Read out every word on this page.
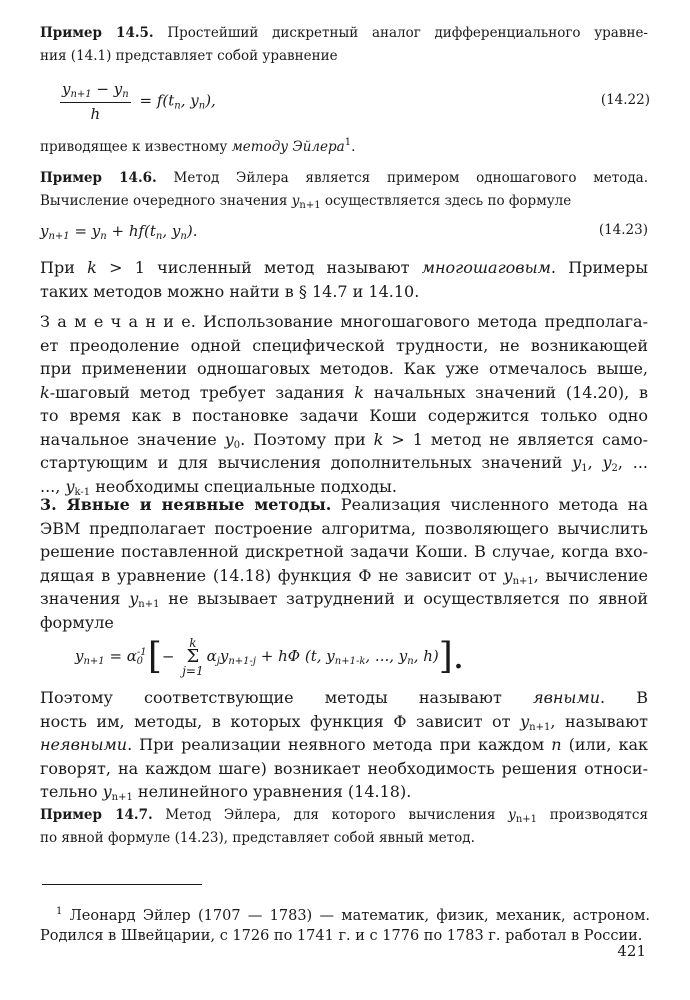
Пример 14.5. Простейший дискретный аналог дифференциального уравне-
ния (14.1) представляет собой уравнение
$\frac{y_{n+1} - y_n}{h} = f(t_n$, $y_n$),	(14.22)
приводящее к известному методу Эйлера$^1$.
Пример 14.6. Метод Эйлера является примером одношагового метода.
Вычисление очередного значения $y_{n+1}$ осуществляется здесь по формуле
$y_{n+1} = y_n + hf(t_n$, $y_n$).	(14.23)
При k > 1 численный метод называют многошаговым. Примеры
таких методов можно найти в § 14.7 и 14.10.
З а м е ч а н и е. Использование многошагового метода предполага-
ет преодоление одной специфической трудности, не возникающей
при применении одношаговых методов. Как уже отмечалось выше,
k-шаговый метод требует задания k начальных значений (14.20), в
то время как в постановке задачи Коши содержится только одно
начальное значение $y_0$. Поэтому при k > 1 метод не является само-
стартующим и для вычисления дополнительных значений $y_1$, $y_2$, ...
..., $y_{k-1}$ необходимы специальные подходы.
3. Явные и неявные методы. Реализация численного метода на
ЭВМ предполагает построение алгоритма, позволяющего вычислить
решение поставленной дискретной задачи Коши. В случае, когда вхо-
дящая в уравнение (14.18) функция Φ не зависит от $y_{n+1}$, вычисление
значения $y_{n+1}$ не вызывает затруднений и осуществляется по явной
формуле
$y_{n+1} = \alpha^{-1}_0$ [− k
Σ
$j=1\alpha_jy_{n+1-j} + h\Phi$ (t, $y_{n+1-k}$, ..., $y_n$, h)].
Поэтому соответствующие методы называют явными. В
ность им, методы, в которых функция Φ зависит от $y_{n+1}$, называют
неявными. При реализации неявного метода при каждом n (или, как
говорят, на каждом шаге) возникает необходимость решения относи-
тельно $y_{n+1}$ нелинейного уравнения (14.18).
Пример 14.7. Метод Эйлера, для которого вычисления $y_{n+1}$ производятся
по явной формуле (14.23), представляет собой явный метод.
$^1$ Леонард Эйлер (1707 — 1783) — математик, физик, механик, астроном.
Родился в Швейцарии, с 1726 по 1741 г. и с 1776 по 1783 г. работал в России.
421
